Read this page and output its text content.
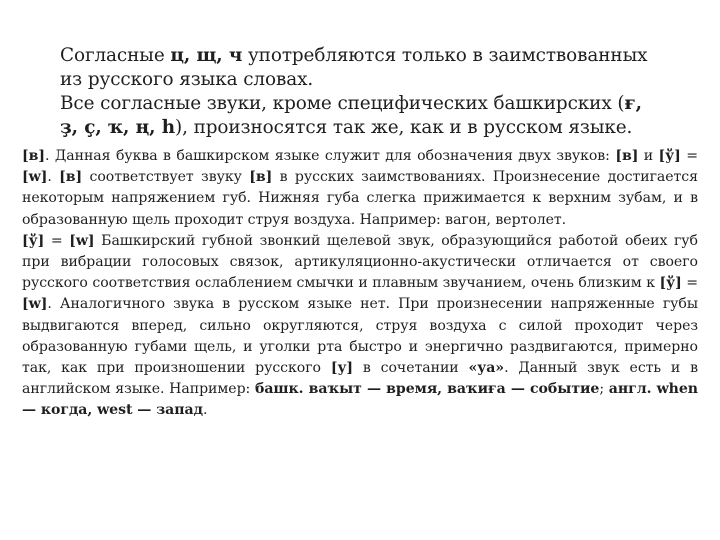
Согласные ц, щ, ч употребляются только в заимствованных из русского языка словах.

Все согласные звуки, кроме специфических башкирских (ғ, ҙ, ç, ҡ, ң, һ), произносятся так же, как и в русском языке.

[в]. Данная буква в башкирском языке служит для обозначения двух звуков: [в] и [ў] = [w]. [в] соответствует звуку [в] в русских заимствованиях. Произнесение достигается некоторым напряжением губ. Нижняя губа слегка прижимается к верхним зубам, и в образованную щель проходит струя воздуха. Например: вагон, вертолет.

[ў] = [w] Башкирский губной звонкий щелевой звук, образующийся работой обеих губ при вибрации голосовых связок, артикуляционно-акустически отличается от своего русского соответствия ослаблением смычки и плавным звучанием, очень близким к [ў] = [w]. Аналогичного звука в русском языке нет. При произнесении напряженные губы выдвигаются вперед, сильно округляются, струя воздуха с силой проходит через образованную губами щель, и уголки рта быстро и энергично раздвигаются, примерно так, как при произношении русского [у] в сочетании «уа». Данный звук есть и в английском языке. Например: башк. ваҡыт — время, ваҡиға — событие; англ. when — когда, west — запад.
